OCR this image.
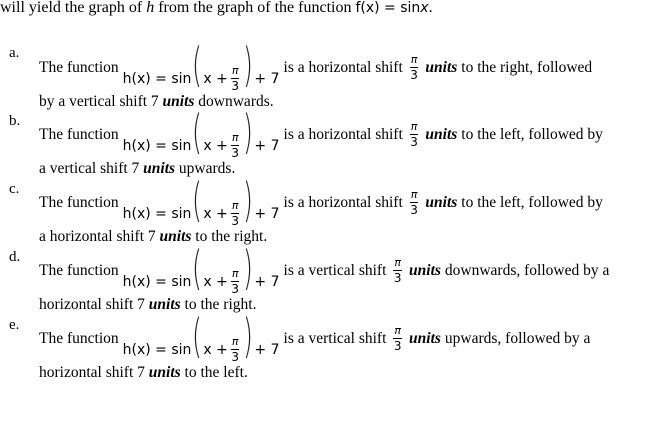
will yield the graph of h from the graph of the function f(x) = sinx.
a.
The function
$h(x) = \sin(x + \frac{\pi}{3}$ )+ 7
is a horizontal shift $\frac{\pi}{3}$ units to the right, followed
by a vertical shift 7 units downwards.
b.
The function
$h(x) = \sin(x + \frac{\pi}{3}$ )+ 7
is a horizontal shift $\frac{\pi}{3}$ units to the left, followed by
a vertical shift 7 units upwards.
c.
The function
$h(x) = \sin(x + \frac{\pi}{3}$ )+ 7
is a horizontal shift $\frac{\pi}{3}$ units to the left, followed by
a horizontal shift 7 units to the right.
d.
The function
$h(x) = \sin(x + \frac{\pi}{3}$ )+ 7
is a vertical shift $\frac{\pi}{3}$ units downwards, followed by a
horizontal shift 7 units to the right.
e.
The function
$h(x) = \sin(x + \frac{\pi}{3}$ )+ 7
is a vertical shift $\frac{\pi}{3}$ units upwards, followed by a
horizontal shift 7 units to the left.
